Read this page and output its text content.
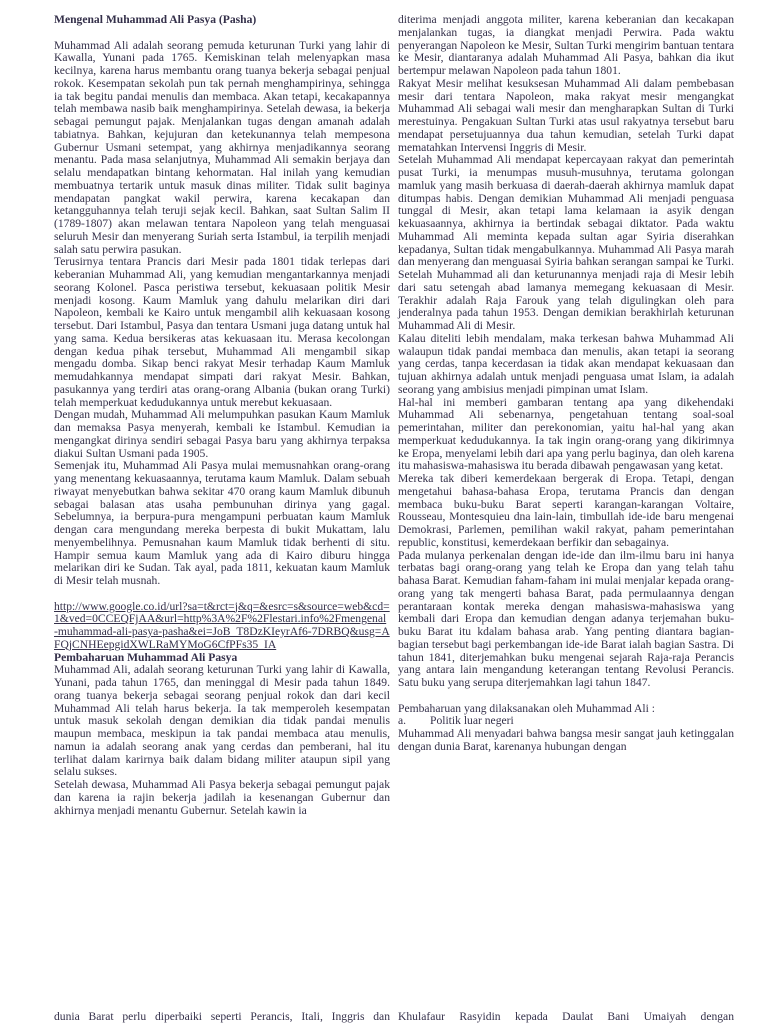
Mengenal Muhammad Ali Pasya (Pasha)

Muhammad Ali adalah seorang pemuda keturunan Turki yang lahir di Kawalla, Yunani pada 1765. Kemiskinan telah melenyapkan masa kecilnya, karena harus membantu orang tuanya bekerja sebagai penjual rokok. Kesempatan sekolah pun tak pernah menghampirinya, sehingga ia tak begitu pandai menulis dan membaca. Akan tetapi, kecakapannya telah membawa nasib baik menghampirinya. Setelah dewasa, ia bekerja sebagai pemungut pajak. Menjalankan tugas dengan amanah adalah tabiatnya. Bahkan, kejujuran dan ketekunannya telah mempesona Gubernur Usmani setempat, yang akhirnya menjadikannya seorang menantu. Pada masa selanjutnya, Muhammad Ali semakin berjaya dan selalu mendapatkan bintang kehormatan. Hal inilah yang kemudian membuatnya tertarik untuk masuk dinas militer. Tidak sulit baginya mendapatan pangkat wakil perwira, karena kecakapan dan ketangguhannya telah teruji sejak kecil. Bahkan, saat Sultan Salim II (1789-1807) akan melawan tentara Napoleon yang telah menguasai seluruh Mesir dan menyerang Suriah serta Istambul, ia terpilih menjadi salah satu perwira pasukan.

Terusirnya tentara Prancis dari Mesir pada 1801 tidak terlepas dari keberanian Muhammad Ali, yang kemudian mengantarkannya menjadi seorang Kolonel. Pasca peristiwa tersebut, kekuasaan politik Mesir menjadi kosong. Kaum Mamluk yang dahulu melarikan diri dari Napoleon, kembali ke Kairo untuk mengambil alih kekuasaan kosong tersebut. Dari Istambul, Pasya dan tentara Usmani juga datang untuk hal yang sama. Kedua bersikeras atas kekuasaan itu. Merasa kecolongan dengan kedua pihak tersebut, Muhammad Ali mengambil sikap mengadu domba. Sikap benci rakyat Mesir terhadap Kaum Mamluk memudahkannya mendapat simpati dari rakyat Mesir. Bahkan, pasukannya yang terdiri atas orang-orang Albania (bukan orang Turki) telah memperkuat kedudukannya untuk merebut kekuasaan.

Dengan mudah, Muhammad Ali melumpuhkan pasukan Kaum Mamluk dan memaksa Pasya menyerah, kembali ke Istambul. Kemudian ia mengangkat dirinya sendiri sebagai Pasya baru yang akhirnya terpaksa diakui Sultan Usmani pada 1905.

Semenjak itu, Muhammad Ali Pasya mulai memusnahkan orang-orang yang menentang kekuasaannya, terutama kaum Mamluk. Dalam sebuah riwayat menyebutkan bahwa sekitar 470 orang kaum Mamluk dibunuh sebagai balasan atas usaha pembunuhan dirinya yang gagal. Sebelumnya, ia berpura-pura mengampuni perbuatan kaum Mamluk dengan cara mengundang mereka berpesta di bukit Mukattam, lalu menyembelihnya. Pemusnahan kaum Mamluk tidak berhenti di situ. Hampir semua kaum Mamluk yang ada di Kairo diburu hingga melarikan diri ke Sudan. Tak ayal, pada 1811, kekuatan kaum Mamluk di Mesir telah musnah.

http://www.google.co.id/url?sa=t&rct=j&q=&esrc=s&source=web&cd=1&ved=0CCEQFjAA&url=http%3A%2F%2Flestari.info%2Fmengenal-muhammad-ali-pasya-pasha&ei=JoB_T8DzKIeyrAf6-7DRBQ&usg=AFQjCNHEepgidXWLRaMYMoG6CfPFs35_IA

Pembaharuan Muhammad Ali Pasya

Muhammad Ali, adalah seorang keturunan Turki yang lahir di Kawalla, Yunani, pada tahun 1765, dan meninggal di Mesir pada tahun 1849. orang tuanya bekerja sebagai seorang penjual rokok dan dari kecil Muhammad Ali telah harus bekerja. Ia tak memperoleh kesempatan untuk masuk sekolah dengan demikian dia tidak pandai menulis maupun membaca, meskipun ia tak pandai membaca atau menulis, namun ia adalah seorang anak yang cerdas dan pemberani, hal itu terlihat dalam karirnya baik dalam bidang militer ataupun sipil yang selalu sukses.

Setelah dewasa, Muhammad Ali Pasya bekerja sebagai pemungut pajak dan karena ia rajin bekerja jadilah ia kesenangan Gubernur dan akhirnya menjadi menantu Gubernur. Setelah kawin ia

diterima menjadi anggota militer, karena keberanian dan kecakapan menjalankan tugas, ia diangkat menjadi Perwira. Pada waktu penyerangan Napoleon ke Mesir, Sultan Turki mengirim bantuan tentara ke Mesir, diantaranya adalah Muhammad Ali Pasya, bahkan dia ikut bertempur melawan Napoleon pada tahun 1801.

Rakyat Mesir melihat kesuksesan Muhammad Ali dalam pembebasan mesir dari tentara Napoleon, maka rakyat mesir mengangkat Muhammad Ali sebagai wali mesir dan mengharapkan Sultan di Turki merestuinya. Pengakuan Sultan Turki atas usul rakyatnya tersebut baru mendapat persetujuannya dua tahun kemudian, setelah Turki dapat mematahkan Intervensi Inggris di Mesir.

Setelah Muhammad Ali mendapat kepercayaan rakyat dan pemerintah pusat Turki, ia menumpas musuh-musuhnya, terutama golongan mamluk yang masih berkuasa di daerah-daerah akhirnya mamluk dapat ditumpas habis. Dengan demikian Muhammad Ali menjadi penguasa tunggal di Mesir, akan tetapi lama kelamaan ia asyik dengan kekuasaannya, akhirnya ia bertindak sebagai diktator. Pada waktu Muhammad Ali meminta kepada sultan agar Syiria diserahkan kepadanya, Sultan tidak mengabulkannya. Muhammad Ali Pasya marah dan menyerang dan menguasai Syiria bahkan serangan sampai ke Turki. Setelah Muhammad ali dan keturunannya menjadi raja di Mesir lebih dari satu setengah abad lamanya memegang kekuasaan di Mesir. Terakhir adalah Raja Farouk yang telah digulingkan oleh para jenderalnya pada tahun 1953. Dengan demikian berakhirlah keturunan Muhammad Ali di Mesir.

Kalau diteliti lebih mendalam, maka terkesan bahwa Muhammad Ali walaupun tidak pandai membaca dan menulis, akan tetapi ia seorang yang cerdas, tanpa kecerdasan ia tidak akan mendapat kekuasaan dan tujuan akhirnya adalah untuk menjadi penguasa umat Islam, ia adalah seorang yang ambisius menjadi pimpinan umat Islam.

Hal-hal ini memberi gambaran tentang apa yang dikehendaki Muhammad Ali sebenarnya, pengetahuan tentang soal-soal pemerintahan, militer dan perekonomian, yaitu hal-hal yang akan memperkuat kedudukannya. Ia tak ingin orang-orang yang dikirimnya ke Eropa, menyelami lebih dari apa yang perlu baginya, dan oleh karena itu mahasiswa-mahasiswa itu berada dibawah pengawasan yang ketat.

Mereka tak diberi kemerdekaan bergerak di Eropa. Tetapi, dengan mengetahui bahasa-bahasa Eropa, terutama Prancis dan dengan membaca buku-buku Barat seperti karangan-karangan Voltaire, Rousseau, Montesquieu dna lain-lain, timbullah ide-ide baru mengenai Demokrasi, Parlemen, pemilihan wakil rakyat, paham pemerintahan republic, konstitusi, kemerdekaan berfikir dan sebagainya.

Pada mulanya perkenalan dengan ide-ide dan ilm-ilmu baru ini hanya terbatas bagi orang-orang yang telah ke Eropa dan yang telah tahu bahasa Barat. Kemudian faham-faham ini mulai menjalar kepada orang-orang yang tak mengerti bahasa Barat, pada permulaannya dengan perantaraan kontak mereka dengan mahasiswa-mahasiswa yang kembali dari Eropa dan kemudian dengan adanya terjemahan buku-buku Barat itu kdalam bahasa arab. Yang penting diantara bagian-bagian tersebut bagi perkembangan ide-ide Barat ialah bagian Sastra. Di tahun 1841, diterjemahkan buku mengenai sejarah Raja-raja Perancis yang antara lain mengandung keterangan tentang Revolusi Perancis. Satu buku yang serupa diterjemahkan lagi tahun 1847.

Pembaharuan yang dilaksanakan oleh Muhammad Ali :

a. Politik luar negeri

Muhammad Ali menyadari bahwa bangsa mesir sangat jauh ketinggalan dengan dunia Barat, karenanya hubungan dengan

dunia Barat perlu diperbaiki seperti Perancis, Itali, Inggris dan Khulafaur Rasyidin kepada Daulat Bani Umaiyah dengan
